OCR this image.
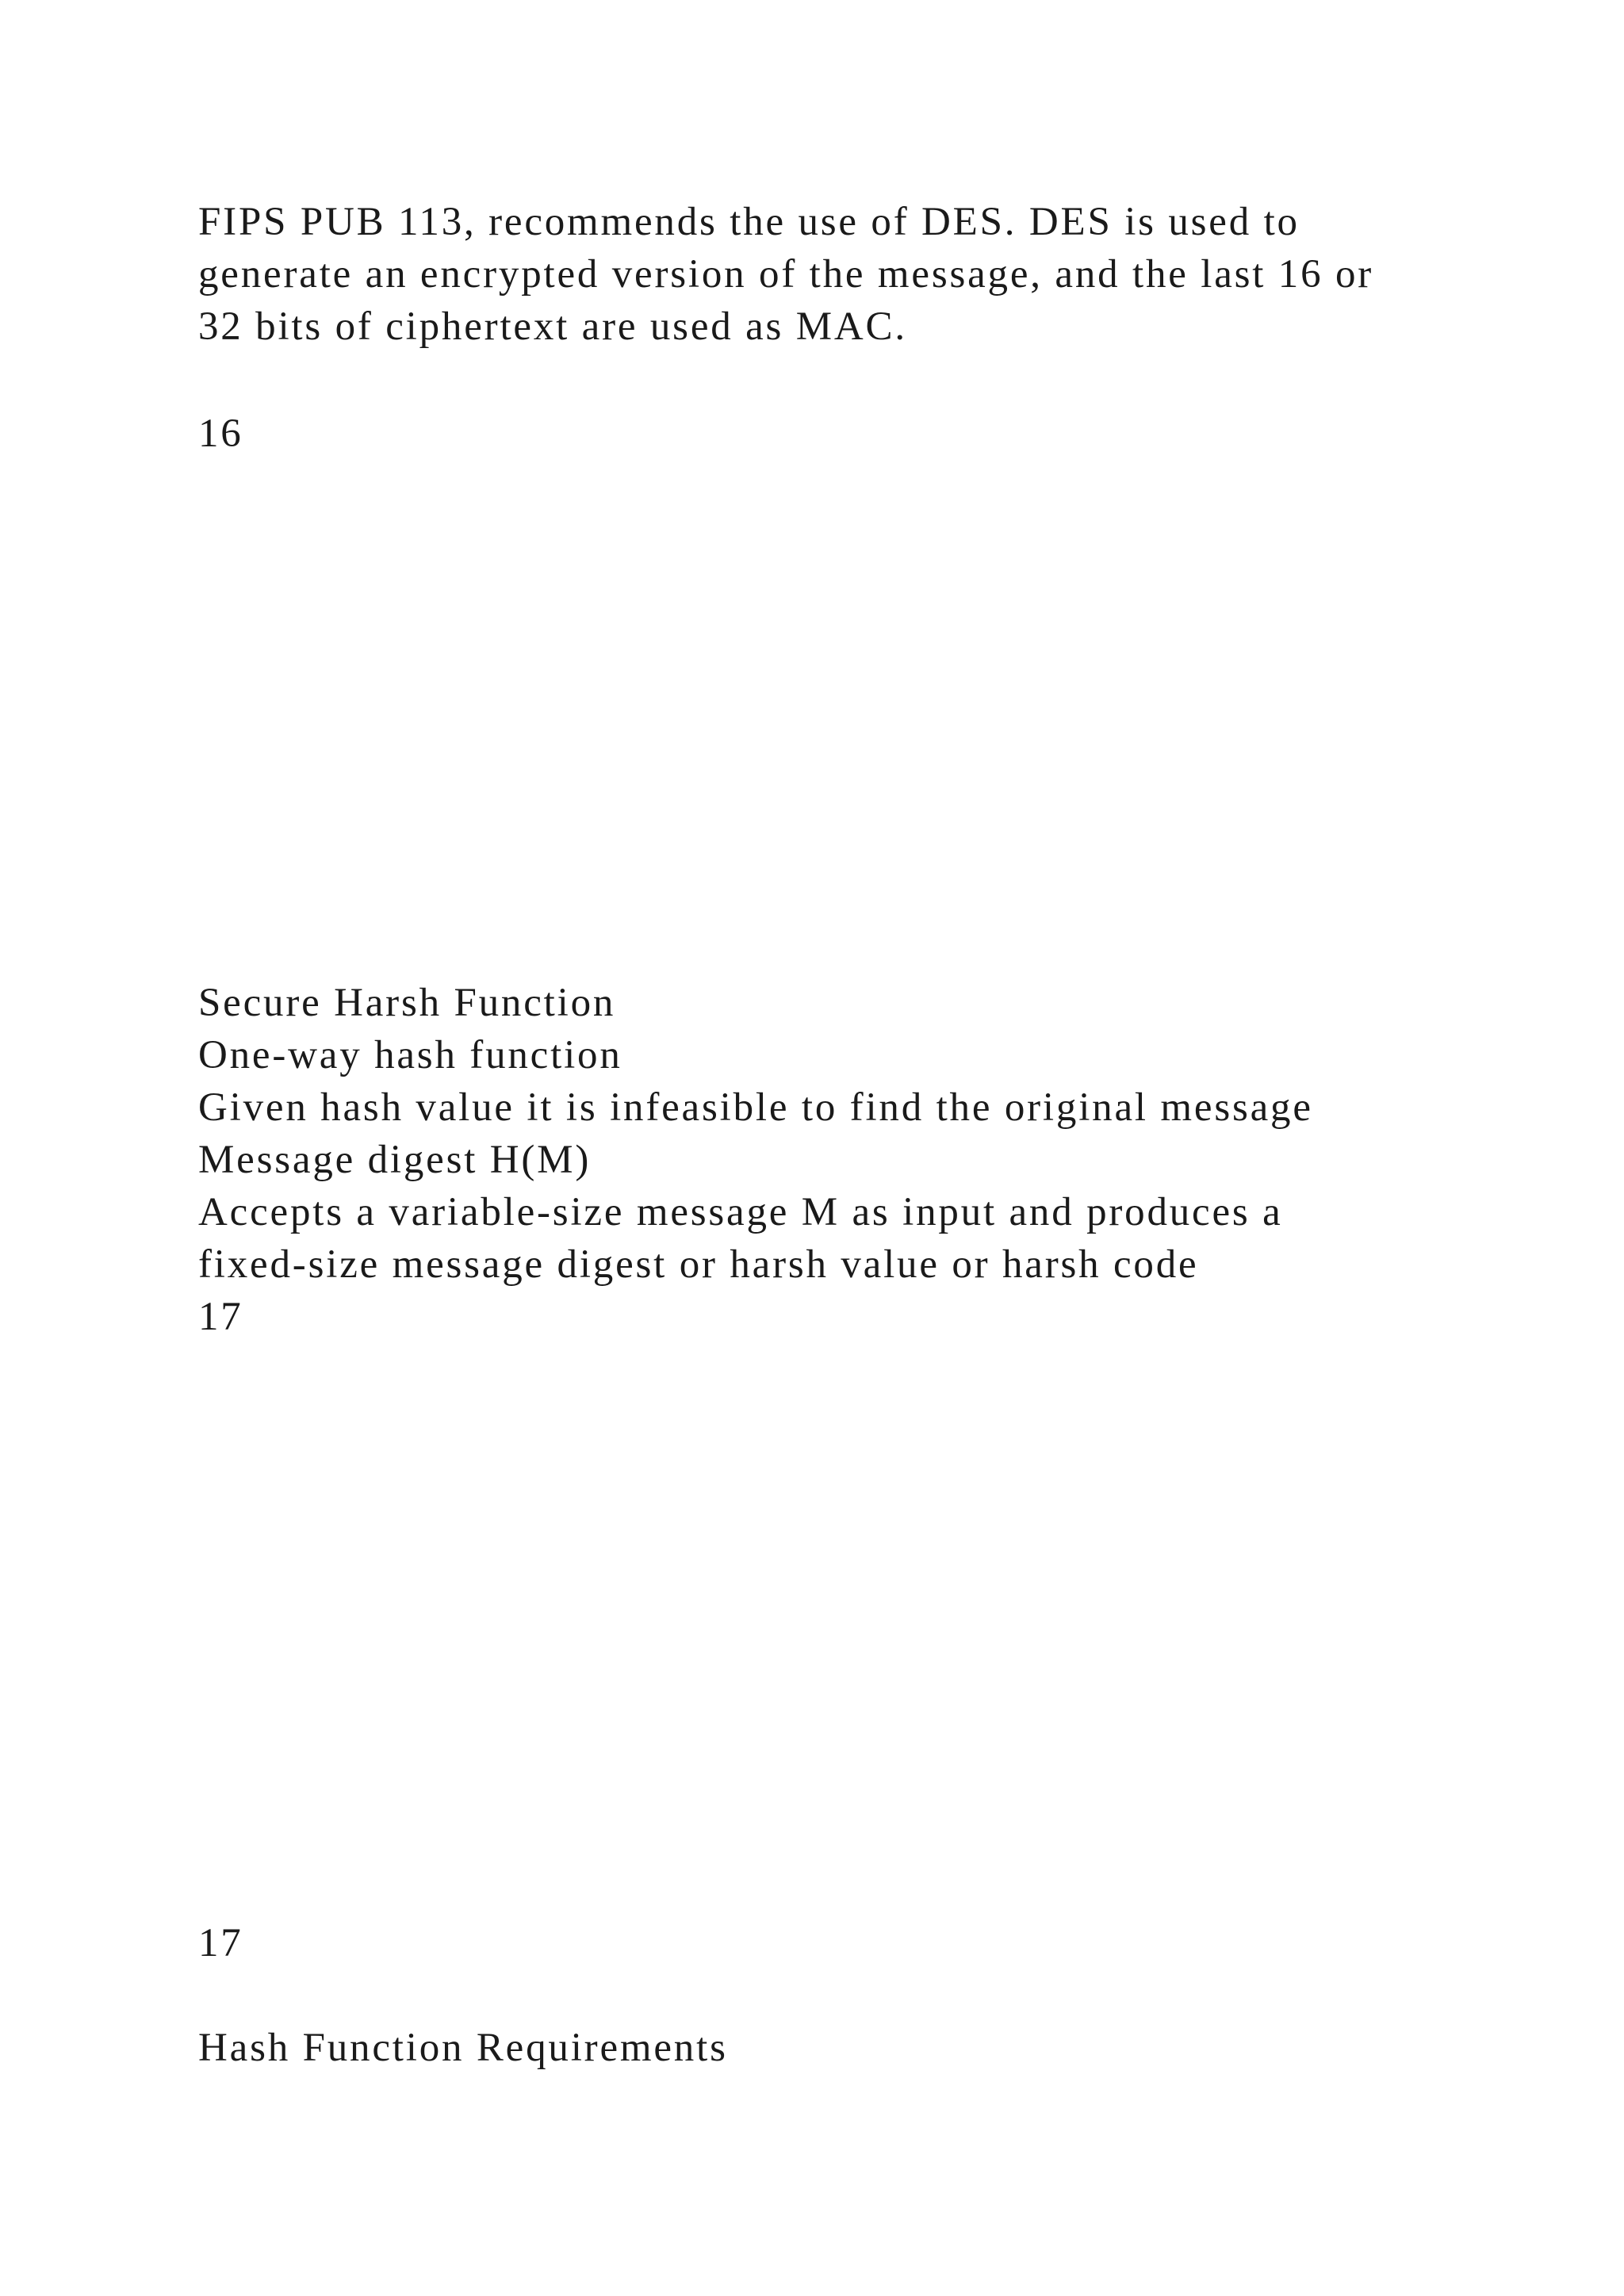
FIPS PUB 113, recommends the use of DES. DES is used to

generate an encrypted version of the message, and the last 16 or

32 bits of ciphertext are used as MAC.

16

Secure Harsh Function

One-way hash function

Given hash value it is infeasible to find the original message

Message digest H(M)

Accepts a variable-size message M as input and produces a

fixed-size message digest or harsh value or harsh code

17

17

Hash Function Requirements
